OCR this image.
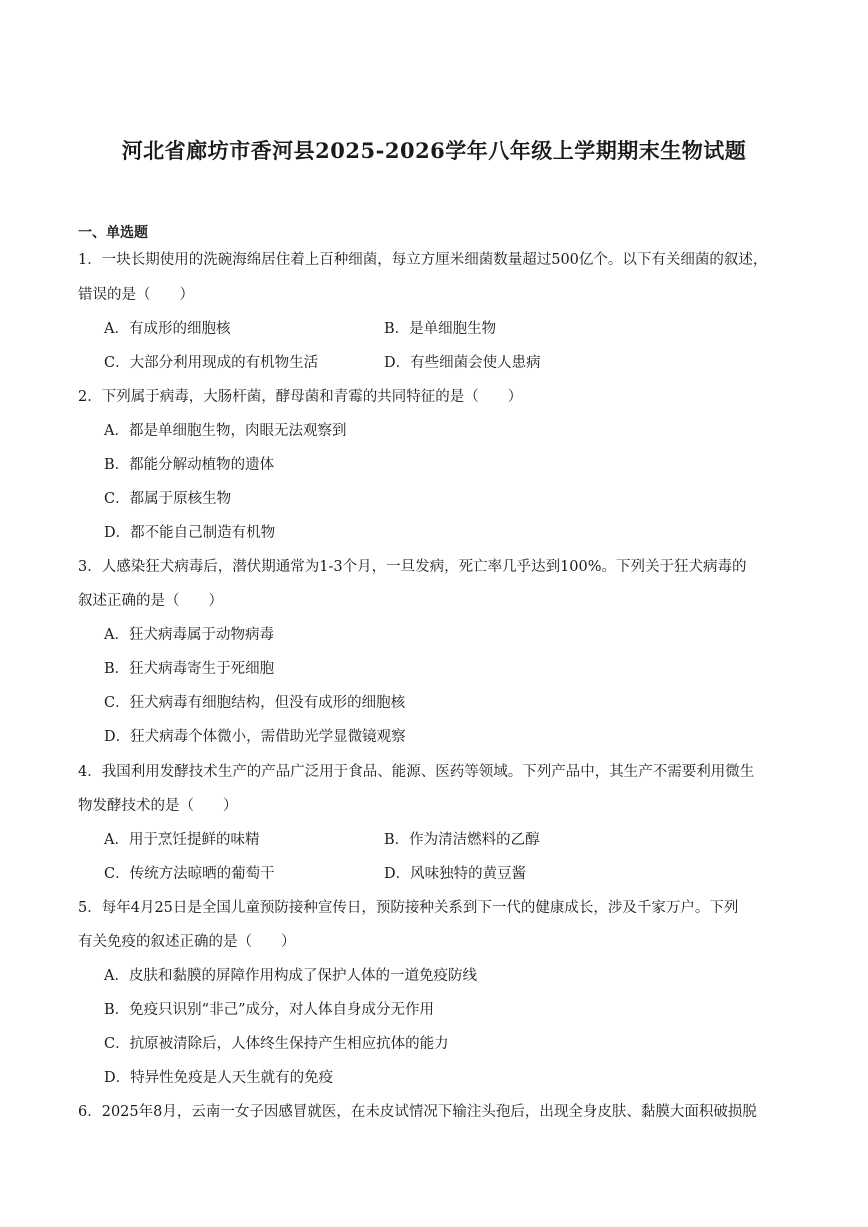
河北省廊坊市香河县2025-2026学年八年级上学期期末生物试题
一、单选题
1．一块长期使用的洗碗海绵居住着上百种细菌，每立方厘米细菌数量超过500亿个。以下有关细菌的叙述，
错误的是（　　）
A．有成形的细胞核	B．是单细胞生物
C．大部分利用现成的有机物生活	D．有些细菌会使人患病
2．下列属于病毒，大肠杆菌，酵母菌和青霉的共同特征的是（　　）
A．都是单细胞生物，肉眼无法观察到
B．都能分解动植物的遗体
C．都属于原核生物
D．都不能自己制造有机物
3．人感染狂犬病毒后，潜伏期通常为1-3个月，一旦发病，死亡率几乎达到100%。下列关于狂犬病毒的
叙述正确的是（　　）
A．狂犬病毒属于动物病毒
B．狂犬病毒寄生于死细胞
C．狂犬病毒有细胞结构，但没有成形的细胞核
D．狂犬病毒个体微小，需借助光学显微镜观察
4．我国利用发酵技术生产的产品广泛用于食品、能源、医药等领域。下列产品中，其生产不需要利用微生
物发酵技术的是（　　）
A．用于烹饪提鲜的味精	B．作为清洁燃料的乙醇
C．传统方法晾晒的葡萄干	D．风味独特的黄豆酱
5．每年4月25日是全国儿童预防接种宣传日，预防接种关系到下一代的健康成长，涉及千家万户。下列
有关免疫的叙述正确的是（　　）
A．皮肤和黏膜的屏障作用构成了保护人体的一道免疫防线
B．免疫只识别“非己”成分，对人体自身成分无作用
C．抗原被清除后，人体终生保持产生相应抗体的能力
D．特异性免疫是人天生就有的免疫
6．2025年8月，云南一女子因感冒就医，在未皮试情况下输注头孢后，出现全身皮肤、黏膜大面积破损脱
